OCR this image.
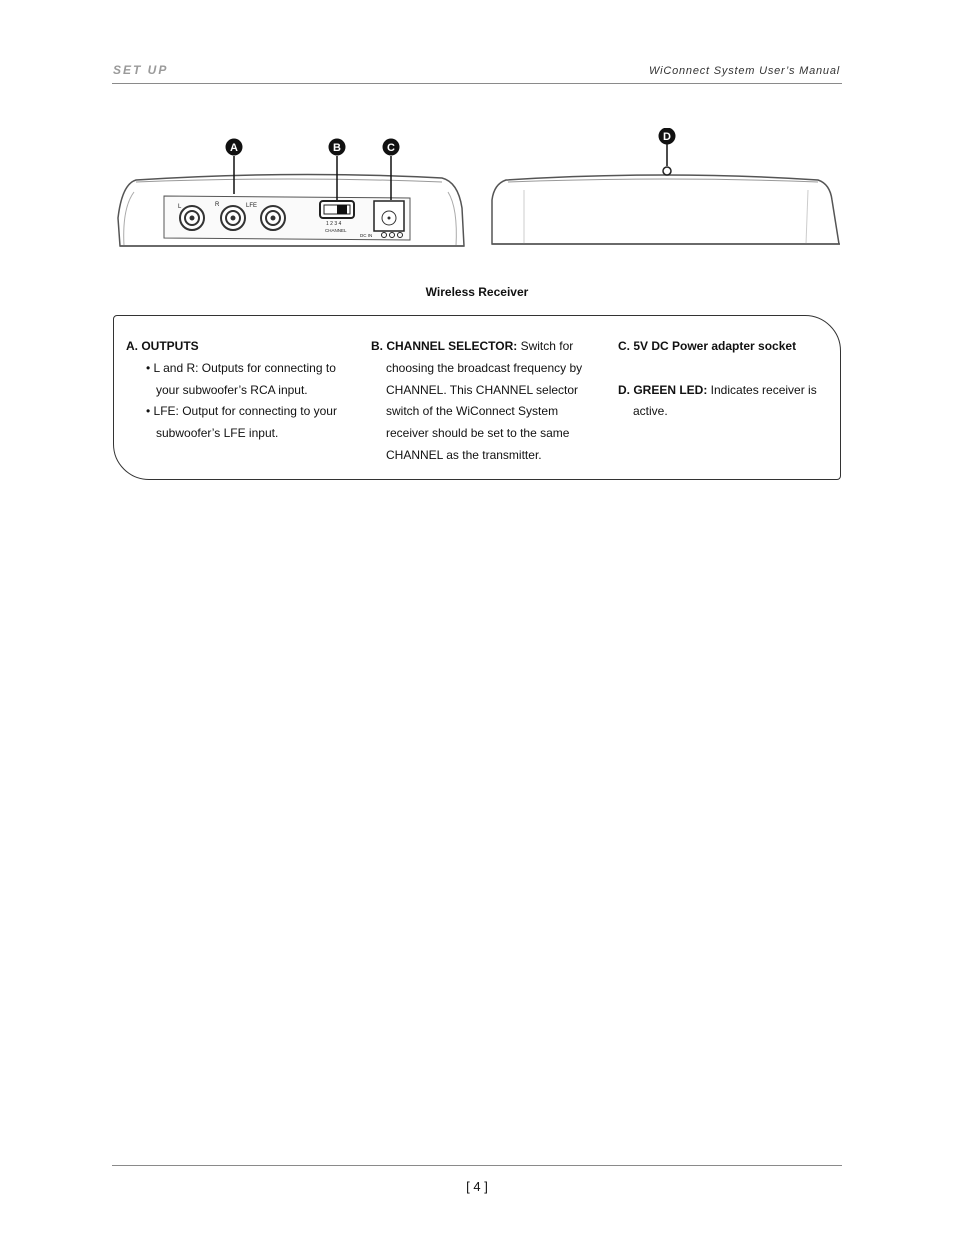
SET UP	WiConnect System User’s Manual
L	R	LFE
1 2 3 4
CHANNEL
DC IN
A	B	C
D
Wireless Receiver
A. OUTPUTS
• L and R: Outputs for connecting to your subwoofer’s RCA input.
• LFE: Output for connecting to your subwoofer’s LFE input.
B. CHANNEL SELECTOR: Switch for choosing the broadcast frequency by CHANNEL. This CHANNEL selector switch of the WiConnect System receiver should be set to the same CHANNEL as the transmitter.
C. 5V DC Power adapter socket
D. GREEN LED: Indicates receiver is active.
[ 4 ]
